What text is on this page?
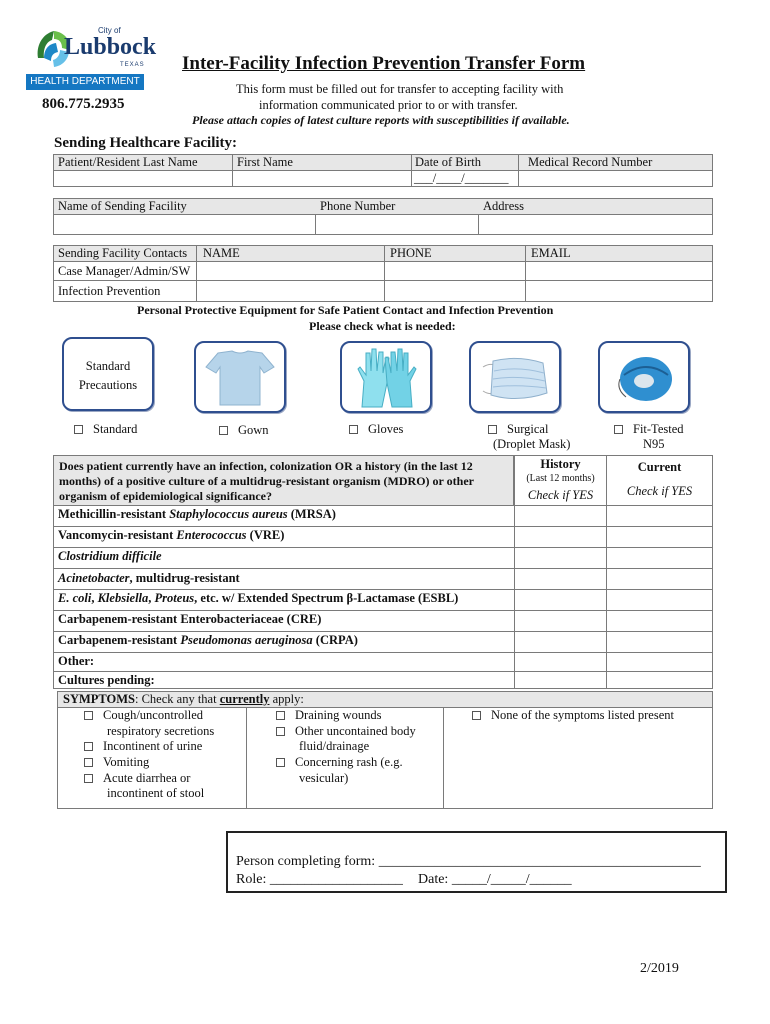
City of
Lubbock
TEXAS
HEALTH DEPARTMENT
806.775.2935
Inter-Facility Infection Prevention Transfer Form
This form must be filled out for transfer to accepting facility with
information communicated prior to or with transfer.
Please attach copies of latest culture reports with susceptibilities if available.
Sending Healthcare Facility:
Patient/Resident Last Name	First Name	Date of Birth	Medical Record Number
___/____/_______
Name of Sending Facility	Phone Number	Address
Sending Facility Contacts NAME	PHONE	EMAIL
Case Manager/Admin/SW
Infection Prevention
Personal Protective Equipment for Safe Patient Contact and Infection Prevention
Please check what is needed:
Standard
Precautions
Standard	Gown	Gloves	Surgical
(Droplet Mask)
Fit-Tested
N95
Does patient currently have an infection, colonization OR a history (in the last 12
months) of a positive culture of a multidrug-resistant organism (MDRO) or other
organism of epidemiological significance?
History
(Last 12 months)
Check if YES
Current
Check if YES
Methicillin-resistant Staphylococcus aureus (MRSA)
Vancomycin-resistant Enterococcus (VRE)
Clostridium difficile
Acinetobacter, multidrug-resistant
E. coli, Klebsiella, Proteus, etc. w/ Extended Spectrum β-Lactamase (ESBL)
Carbapenem-resistant Enterobacteriaceae (CRE)
Carbapenem-resistant Pseudomonas aeruginosa (CRPA)
Other:
Cultures pending:
SYMPTOMS: Check any that currently apply:
Cough/uncontrolled
respiratory secretions
Incontinent of urine
Vomiting
Acute diarrhea or
incontinent of stool
Draining wounds
Other uncontained body
fluid/drainage
Concerning rash (e.g.
vesicular)
None of the symptoms listed present
Person completing form: ______________________________________________
Role: ___________________ Date: _____/_____/______
2/2019
